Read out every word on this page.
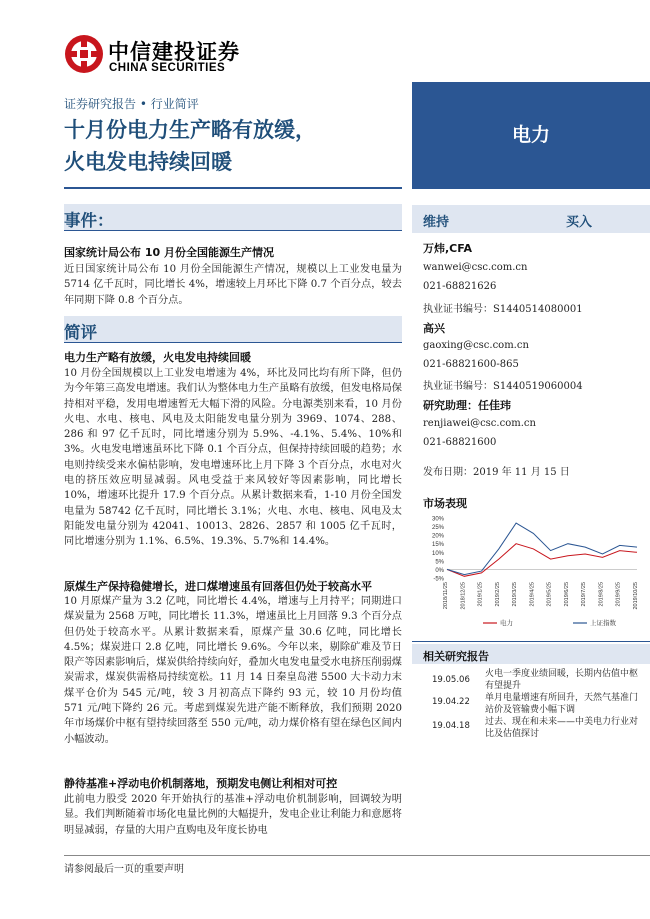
中信建投证券
CHINA SECURITIES
证券研究报告 • 行业简评
十月份电力生产略有放缓，
火电发电持续回暖
电力
事件：
国家统计局公布 10 月份全国能源生产情况
近日国家统计局公布 10 月份全国能源生产情况，规模以上工业发电量为 5714 亿千瓦时，同比增长 4%，增速较上月环比下降 0.7 个百分点，较去年同期下降 0.8 个百分点。
简评
电力生产略有放缓，火电发电持续回暖
10 月份全国规模以上工业发电增速为 4%，环比及同比均有所下降，但仍为今年第三高发电增速。我们认为整体电力生产虽略有放缓，但发电格局保持相对平稳，发用电增速暂无大幅下滑的风险。分电源类别来看，10 月份火电、水电、核电、风电及太阳能发电量分别为 3969、1074、288、286 和 97 亿千瓦时，同比增速分别为 5.9%、-4.1%、5.4%、10%和 3%。火电发电增速虽环比下降 0.1 个百分点，但保持持续回暖的趋势；水电则持续受来水偏枯影响，发电增速环比上月下降 3 个百分点，水电对火电的挤压效应明显减弱。风电受益于来风较好等因素影响，同比增长 10%，增速环比提升 17.9 个百分点。从累计数据来看，1-10 月份全国发电量为 58742 亿千瓦时，同比增长 3.1%；火电、水电、核电、风电及太阳能发电量分别为 42041、10013、2826、2857 和 1005 亿千瓦时，同比增速分别为 1.1%、6.5%、19.3%、5.7%和 14.4%。
原煤生产保持稳健增长，进口煤增速虽有回落但仍处于较高水平
10 月原煤产量为 3.2 亿吨，同比增长 4.4%，增速与上月持平；同期进口煤炭量为 2568 万吨，同比增长 11.3%，增速虽比上月回落 9.3 个百分点但仍处于较高水平。从累计数据来看，原煤产量 30.6 亿吨，同比增长 4.5%；煤炭进口 2.8 亿吨，同比增长 9.6%。今年以来，剔除矿难及节日限产等因素影响后，煤炭供给持续向好，叠加火电发电量受水电挤压削弱煤炭需求，煤炭供需格局持续宽松。11 月 14 日秦皇岛港 5500 大卡动力末煤平仓价为 545 元/吨，较 3 月初高点下降约 93 元，较 10 月份均值 571 元/吨下降约 26 元。考虑到煤炭先进产能不断释放，我们预期 2020 年市场煤价中枢有望持续回落至 550 元/吨，动力煤价格有望在绿色区间内小幅波动。
静待基准+浮动电价机制落地，预期发电侧让利相对可控
此前电力股受 2020 年开始执行的基准+浮动电价机制影响，回调较为明显。我们判断随着市场化电量比例的大幅提升，发电企业让利能力和意愿将明显减弱，存量的大用户直购电及年度长协电
维持	买入
万炜,CFA
wanwei@csc.com.cn
021-68821626
执业证书编号：S1440514080001
高兴
gaoxing@csc.com.cn
021-68821600-865
执业证书编号：S1440519060004
研究助理：任佳玮
renjiawei@csc.com.cn
021-68821600
发布日期：2019 年 11 月 15 日
市场表现
30%
25%
20%
15%
10%
5%
0%
-5%
2018/11/25 2018/12/25 2019/1/25 2019/2/25 2019/3/25 2019/4/25 2019/5/25 2019/6/25 2019/7/25 2019/8/25 2019/9/25 2019/10/25
电力	上证指数
相关研究报告
19.05.06
火电一季度业绩回暖，长期内估值中枢有望提升
19.04.22 单月电量增速有所回升，天然气基准门站价及管输费小幅下调
19.04.18 过去、现在和未来——中美电力行业对比及估值探讨
请参阅最后一页的重要声明
